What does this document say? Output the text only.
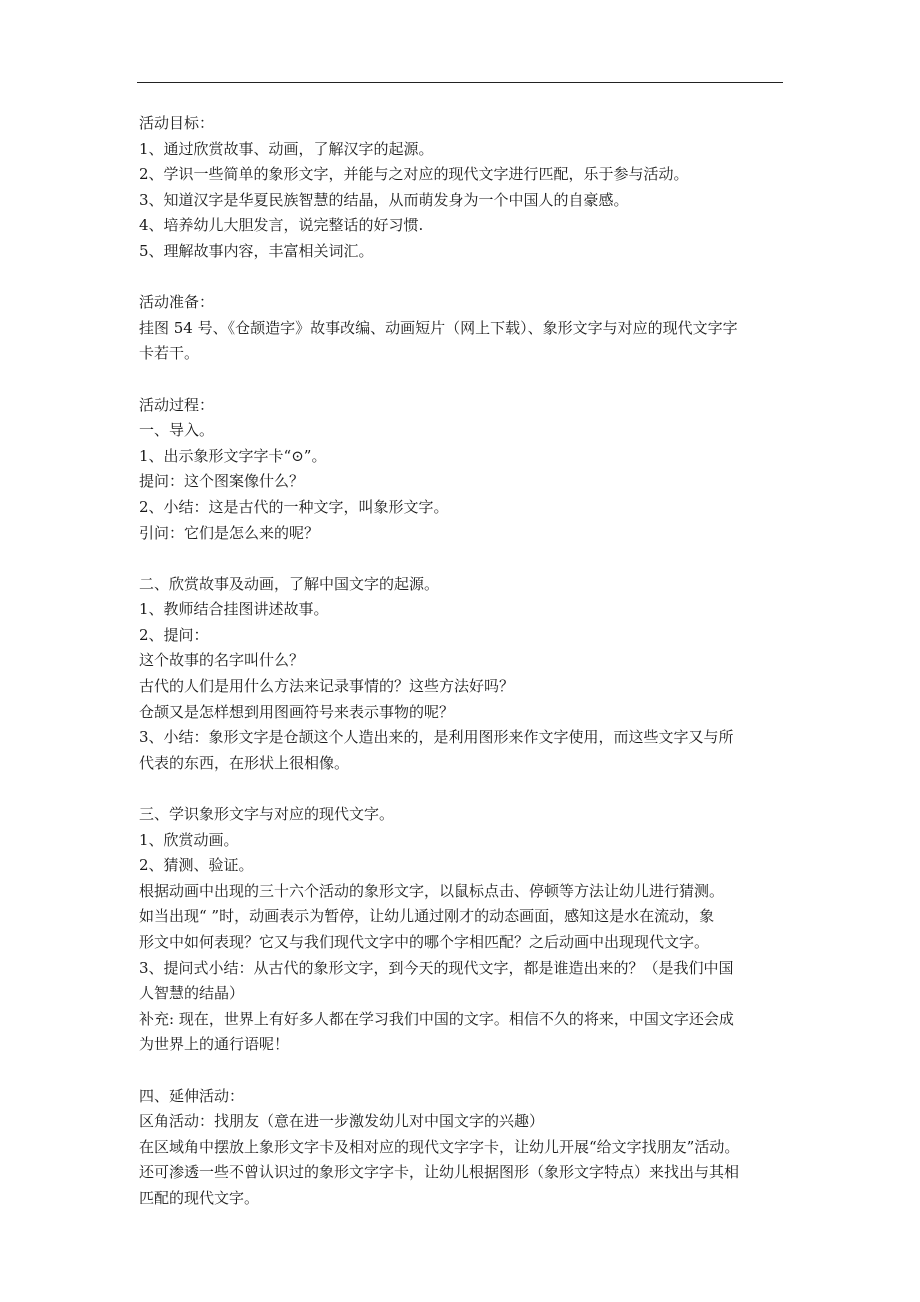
活动目标：

1、通过欣赏故事、动画，了解汉字的起源。

2、学识一些简单的象形文字，并能与之对应的现代文字进行匹配，乐于参与活动。

3、知道汉字是华夏民族智慧的结晶，从而萌发身为一个中国人的自豪感。

4、培养幼儿大胆发言，说完整话的好习惯.

5、理解故事内容，丰富相关词汇。

活动准备：

挂图 54 号、《仓颉造字》故事改编、动画短片（网上下载）、象形文字与对应的现代文字字

卡若干。

活动过程：

一、导入。

1、出示象形文字字卡“⊙”。

提问：这个图案像什么？

2、小结：这是古代的一种文字，叫象形文字。

引问：它们是怎么来的呢？

二、欣赏故事及动画，了解中国文字的起源。

1、教师结合挂图讲述故事。

2、提问：

这个故事的名字叫什么？

古代的人们是用什么方法来记录事情的？这些方法好吗？

仓颉又是怎样想到用图画符号来表示事物的呢？

3、小结：象形文字是仓颉这个人造出来的，是利用图形来作文字使用，而这些文字又与所

代表的东西，在形状上很相像。

三、学识象形文字与对应的现代文字。

1、欣赏动画。

2、猜测、验证。

根据动画中出现的三十六个活动的象形文字，以鼠标点击、停顿等方法让幼儿进行猜测。

如当出现“ ”时，动画表示为暂停，让幼儿通过刚才的动态画面，感知这是水在流动，象

形文中如何表现？它又与我们现代文字中的哪个字相匹配？之后动画中出现现代文字。

3、提问式小结：从古代的象形文字，到今天的现代文字，都是谁造出来的？（是我们中国

人智慧的结晶）

补充: 现在，世界上有好多人都在学习我们中国的文字。相信不久的将来，中国文字还会成

为世界上的通行语呢！

四、延伸活动：

区角活动：找朋友（意在进一步激发幼儿对中国文字的兴趣）

在区域角中摆放上象形文字卡及相对应的现代文字字卡，让幼儿开展“给文字找朋友”活动。

还可渗透一些不曾认识过的象形文字字卡，让幼儿根据图形（象形文字特点）来找出与其相

匹配的现代文字。
